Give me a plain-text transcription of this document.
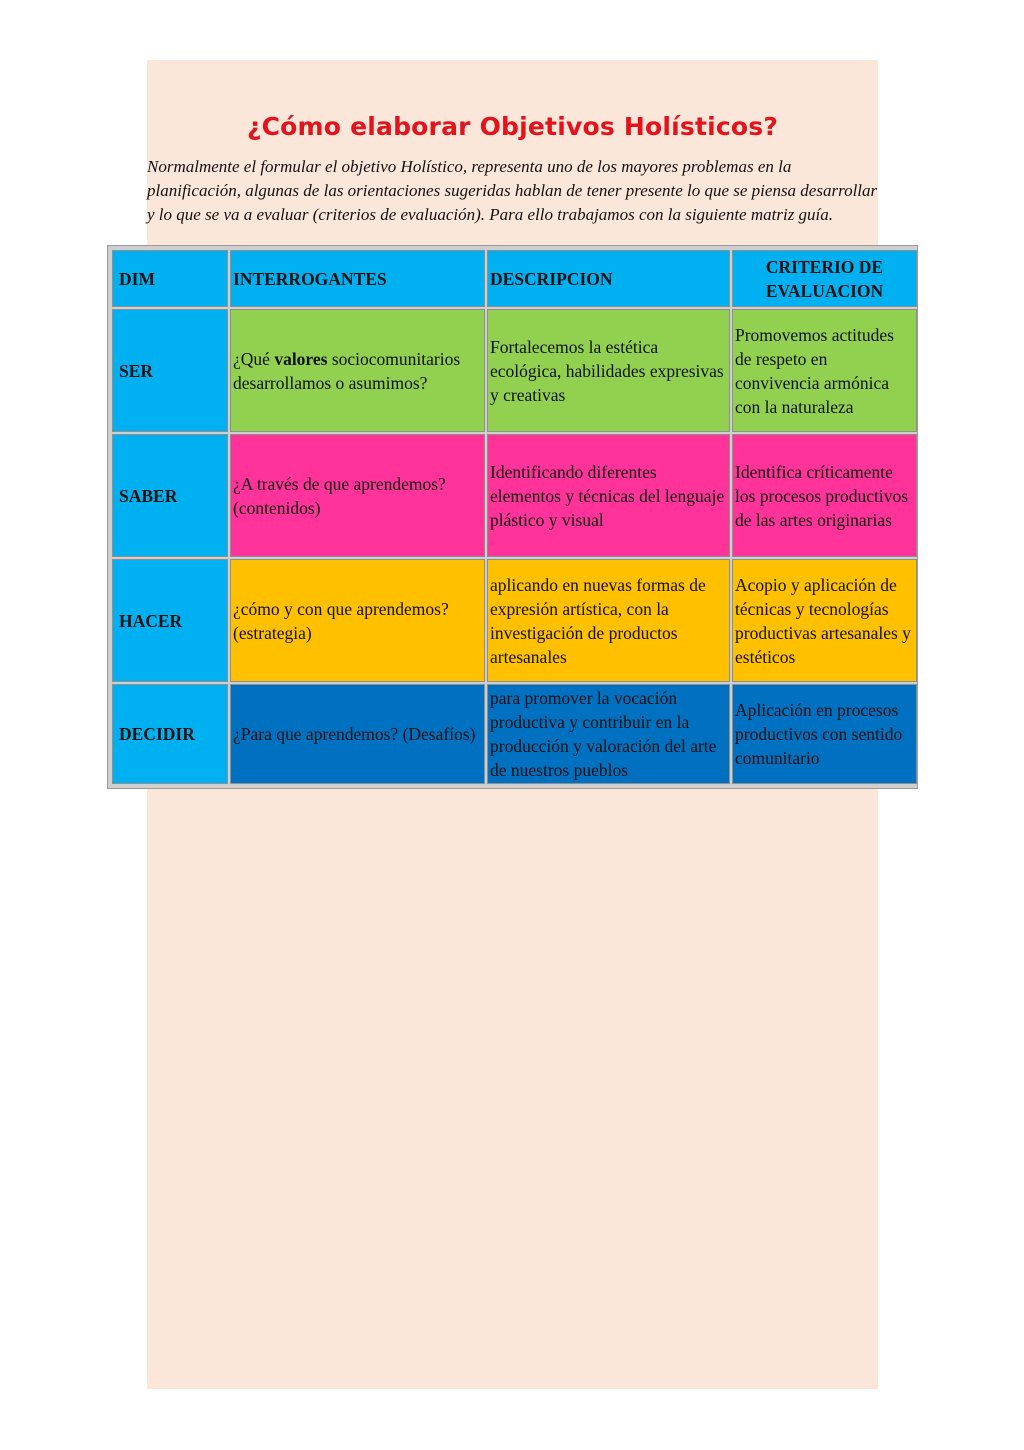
¿Cómo elaborar Objetivos Holísticos?

Normalmente el formular el objetivo Holístico, representa uno de los mayores problemas en la planificación, algunas de las orientaciones sugeridas hablan de tener presente lo que se piensa desarrollar y lo que se va a evaluar (criterios de evaluación). Para ello trabajamos con la siguiente matriz guía.

DIM	INTERROGANTES	DESCRIPCION	CRITERIO DE EVALUACION
SER	¿Qué valores sociocomunitarios desarrollamos o asumimos?	Fortalecemos la estética ecológica, habilidades expresivas y creativas	Promovemos actitudes de respeto en convivencia armónica con la naturaleza
SABER	¿A través de que aprendemos? (contenidos)	Identificando diferentes elementos y técnicas del lenguaje plástico y visual	Identifica críticamente los procesos productivos de las artes originarias
HACER	¿cómo y con que aprendemos? (estrategia)	aplicando en nuevas formas de expresión artística, con la investigación de productos artesanales	Acopio y aplicación de técnicas y tecnologías productivas artesanales y estéticos
DECIDIR	¿Para que aprendemos? (Desafíos)	para promover la vocación productiva y contribuir en la producción y valoración del arte de nuestros pueblos	Aplicación en procesos productivos con sentido comunitario
